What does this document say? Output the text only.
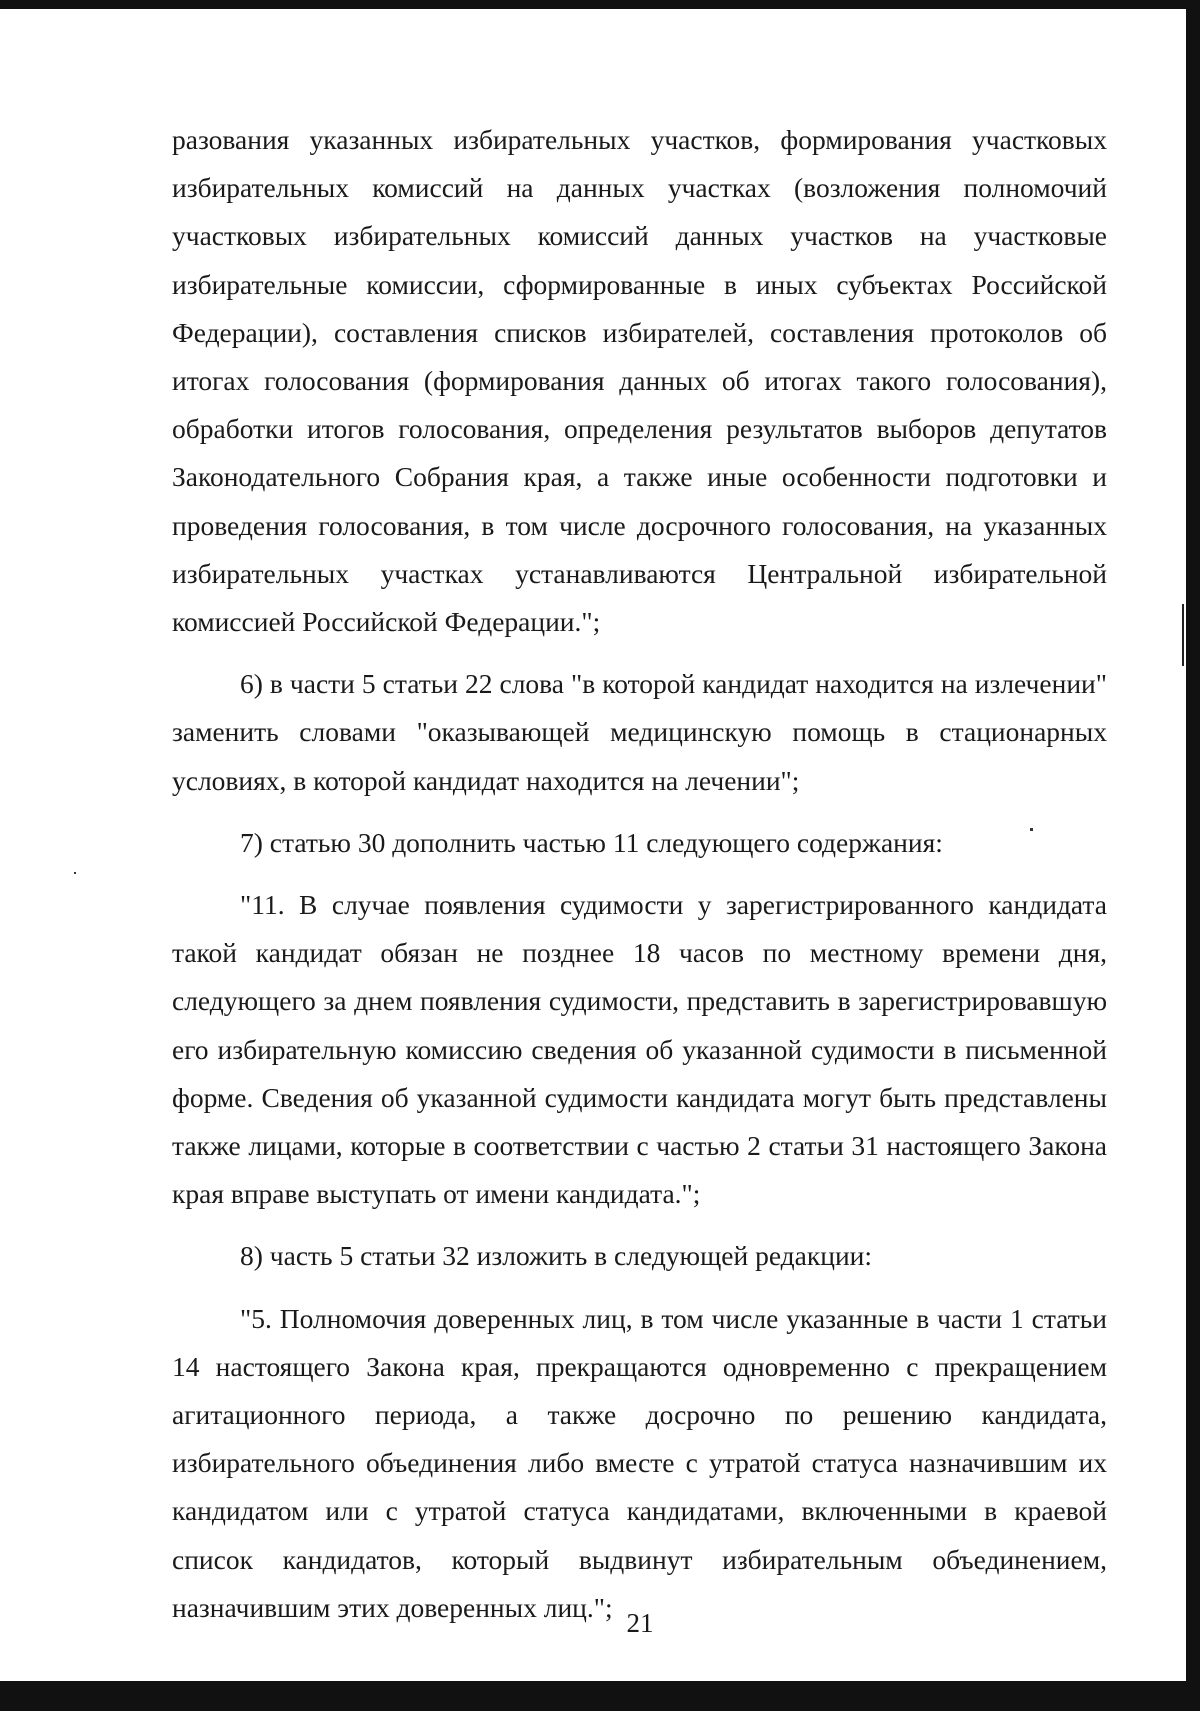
разования указанных избирательных участков, формирования участковых избирательных комиссий на данных участках (возложения полномочий участковых избирательных комиссий данных участков на участковые избирательные комиссии, сформированные в иных субъектах Российской Федерации), составления списков избирателей, составления протоколов об итогах голосования (формирования данных об итогах такого голосования), обработки итогов голосования, определения результатов выборов депутатов Законодательного Собрания края, а также иные особенности подготовки и проведения голосования, в том числе досрочного голосования, на указанных избирательных участках устанавливаются Центральной избирательной комиссией Российской Федерации.";

6) в части 5 статьи 22 слова "в которой кандидат находится на излечении" заменить словами "оказывающей медицинскую помощь в стационарных условиях, в которой кандидат находится на лечении";

7) статью 30 дополнить частью 11 следующего содержания:

"11. В случае появления судимости у зарегистрированного кандидата такой кандидат обязан не позднее 18 часов по местному времени дня, следующего за днем появления судимости, представить в зарегистрировавшую его избирательную комиссию сведения об указанной судимости в письменной форме. Сведения об указанной судимости кандидата могут быть представлены также лицами, которые в соответствии с частью 2 статьи 31 настоящего Закона края вправе выступать от имени кандидата.";

8) часть 5 статьи 32 изложить в следующей редакции:

"5. Полномочия доверенных лиц, в том числе указанные в части 1 статьи 14 настоящего Закона края, прекращаются одновременно с прекращением агитационного периода, а также досрочно по решению кандидата, избирательного объединения либо вместе с утратой статуса назначившим их кандидатом или с утратой статуса кандидатами, включенными в краевой список кандидатов, который выдвинут избирательным объединением, назначившим этих доверенных лиц.";

21
